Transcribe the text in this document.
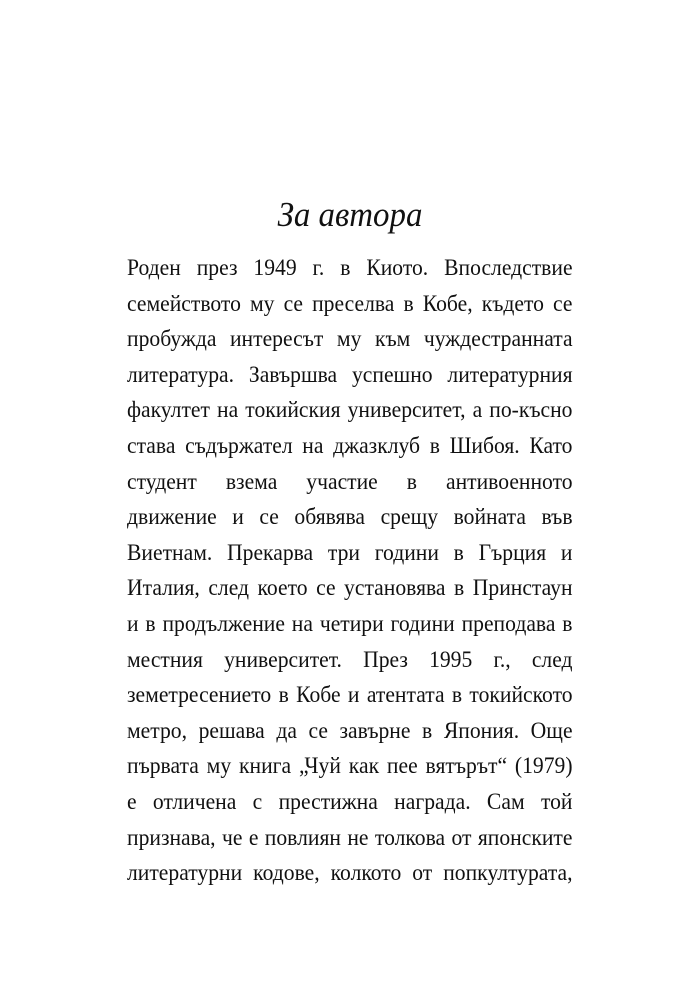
За автора
Роден през 1949 г. в Киото. Впоследствие
семейството му се преселва в Кобе, където се
пробужда интересът му към чуждестранната
литература. Завършва успешно литературния
факултет на токийския университет, а по-късно
става съдържател на джазклуб в Шибоя. Като
студент взема участие в антивоенното
движение и се обявява срещу войната във
Виетнам. Прекарва три години в Гърция и
Италия, след което се установява в Принстаун
и в продължение на четири години преподава в
местния университет. През 1995 г., след
земетресението в Кобе и атентата в токийското
метро, решава да се завърне в Япония. Още
първата му книга „Чуй как пее вятърът“ (1979)
е отличена с престижна награда. Сам той
признава, че е повлиян не толкова от японските
литературни кодове, колкото от попкултурата,
